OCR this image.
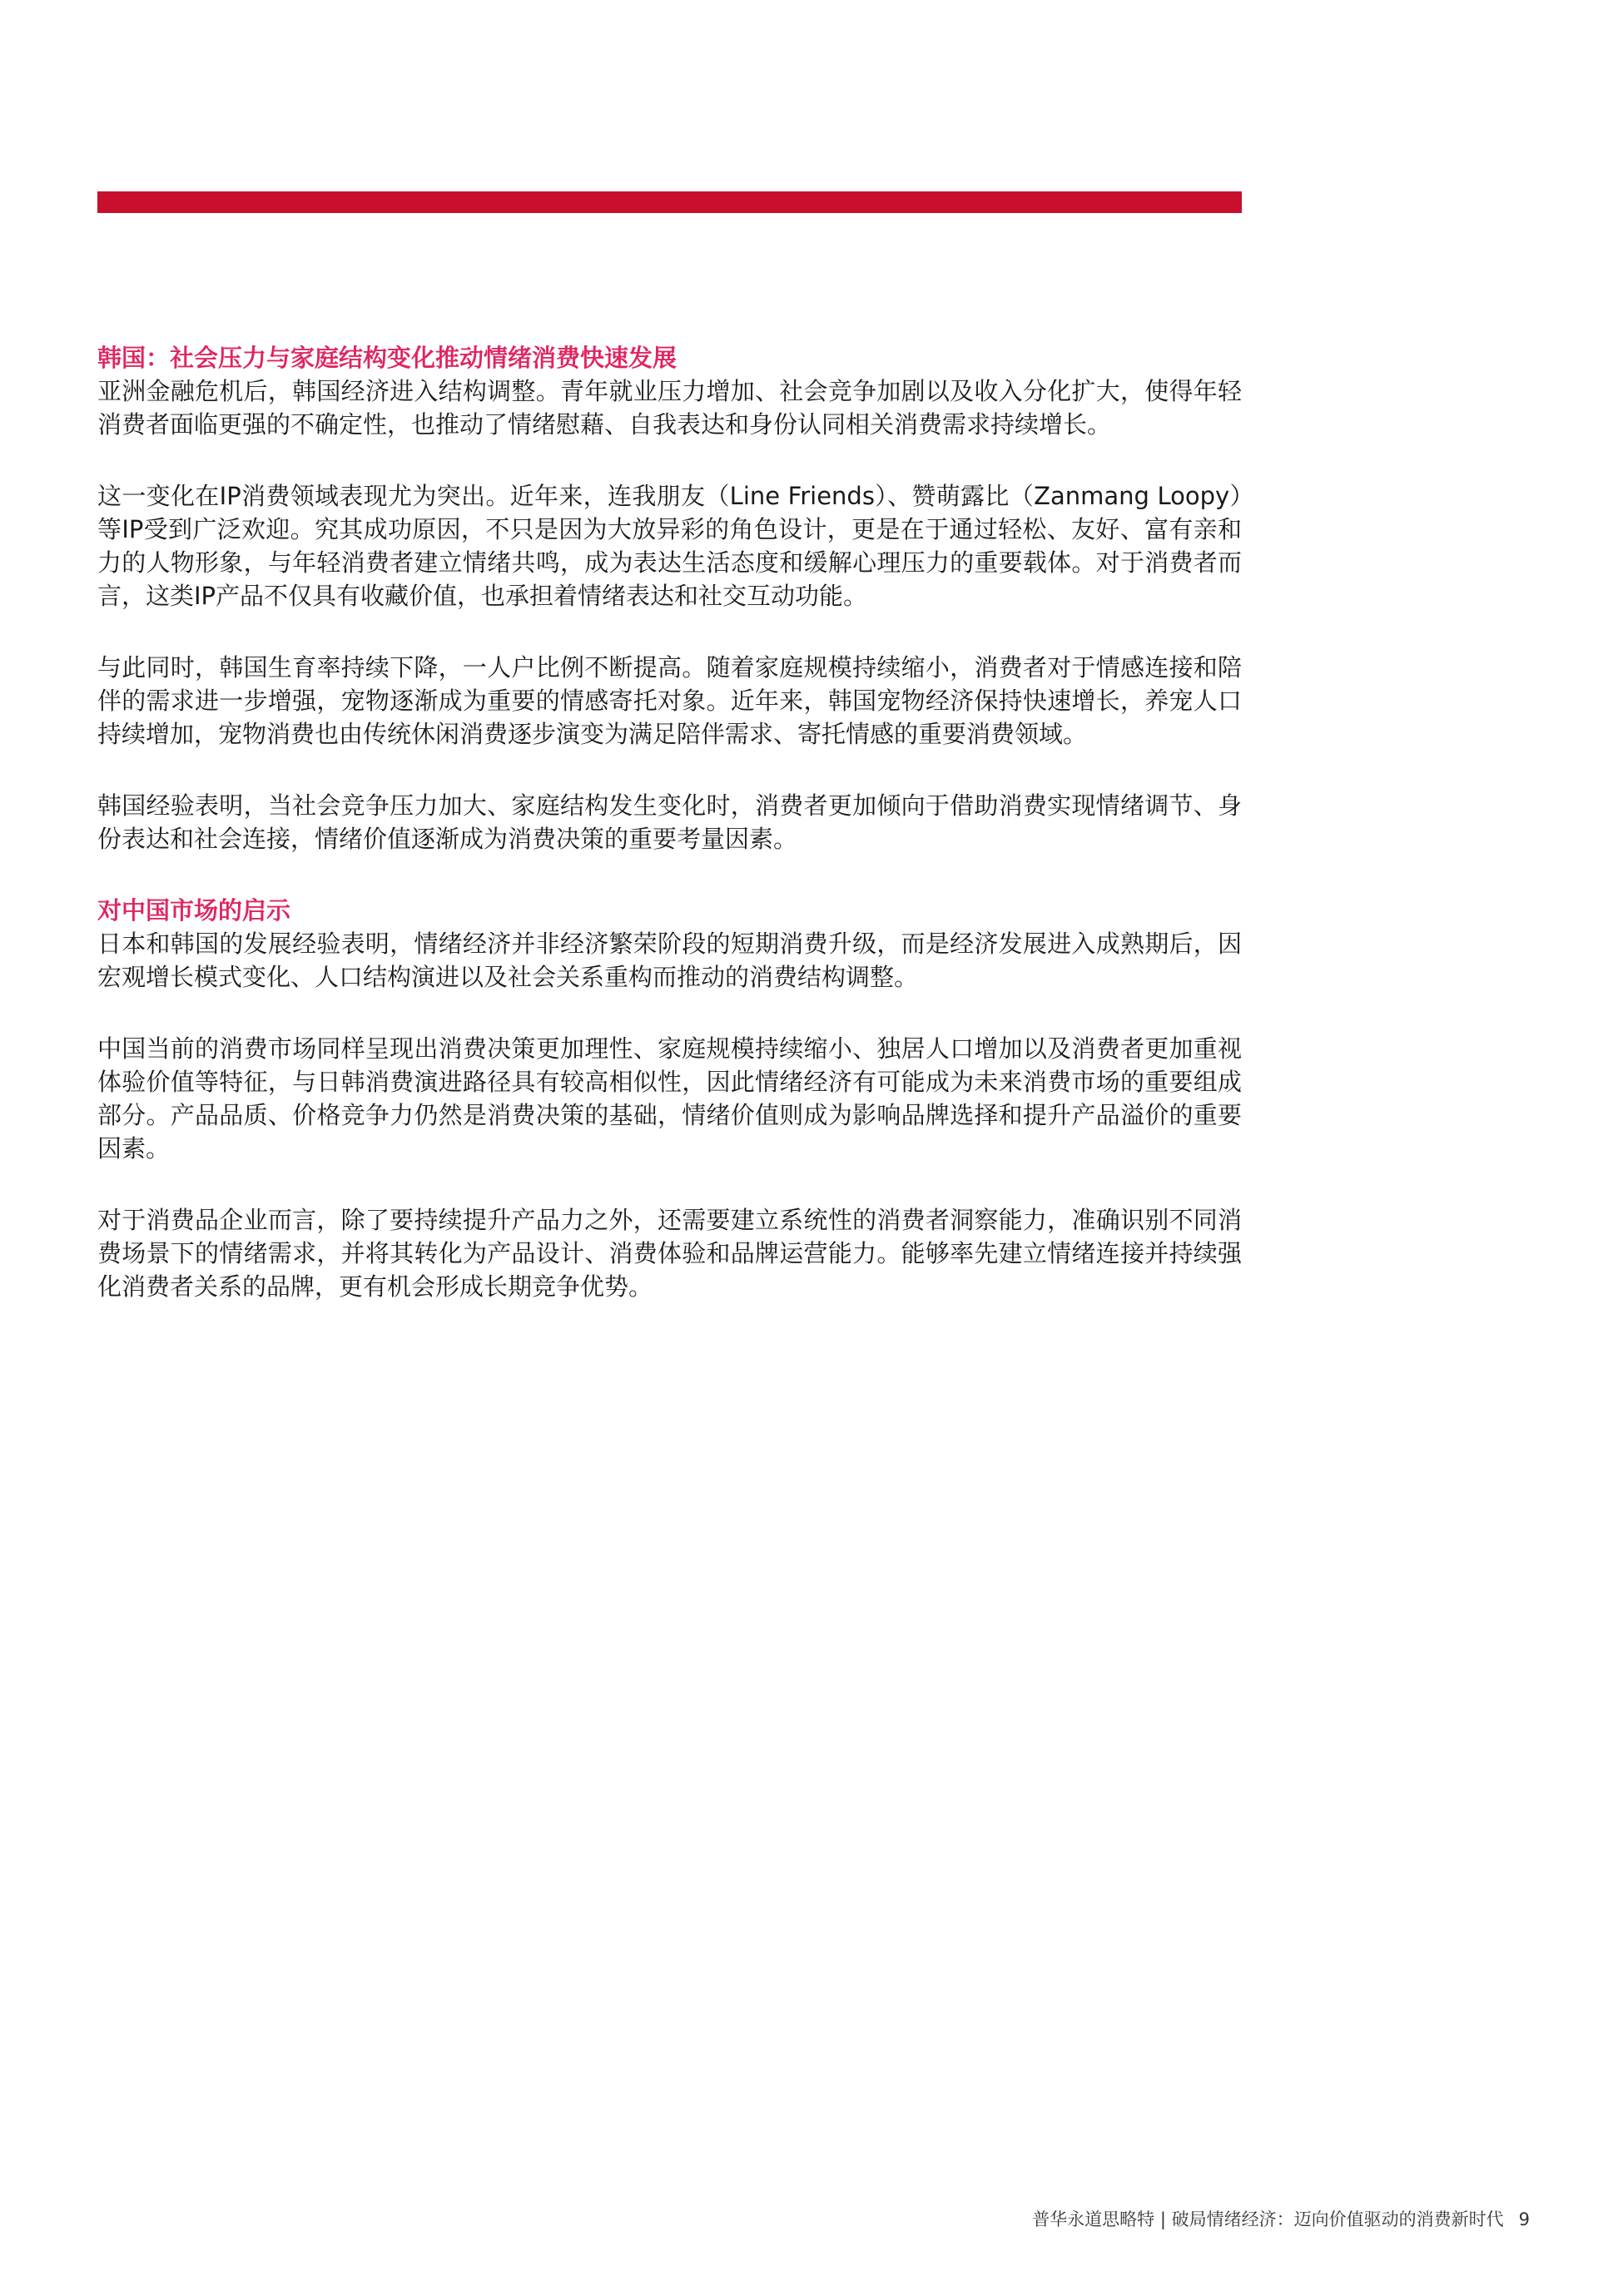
韩国：社会压力与家庭结构变化推动情绪消费快速发展

亚洲金融危机后，韩国经济进入结构调整。青年就业压力增加、社会竞争加剧以及收入分化扩大，使得年轻消费者面临更强的不确定性，也推动了情绪慰藉、自我表达和身份认同相关消费需求持续增长。

这一变化在IP消费领域表现尤为突出。近年来，连我朋友（Line Friends）、赞萌露比（Zanmang Loopy）等IP受到广泛欢迎。究其成功原因，不只是因为大放异彩的角色设计，更是在于通过轻松、友好、富有亲和力的人物形象，与年轻消费者建立情绪共鸣，成为表达生活态度和缓解心理压力的重要载体。对于消费者而言，这类IP产品不仅具有收藏价值，也承担着情绪表达和社交互动功能。

与此同时，韩国生育率持续下降，一人户比例不断提高。随着家庭规模持续缩小，消费者对于情感连接和陪伴的需求进一步增强，宠物逐渐成为重要的情感寄托对象。近年来，韩国宠物经济保持快速增长，养宠人口持续增加，宠物消费也由传统休闲消费逐步演变为满足陪伴需求、寄托情感的重要消费领域。

韩国经验表明，当社会竞争压力加大、家庭结构发生变化时，消费者更加倾向于借助消费实现情绪调节、身份表达和社会连接，情绪价值逐渐成为消费决策的重要考量因素。

对中国市场的启示

日本和韩国的发展经验表明，情绪经济并非经济繁荣阶段的短期消费升级，而是经济发展进入成熟期后，因宏观增长模式变化、人口结构演进以及社会关系重构而推动的消费结构调整。

中国当前的消费市场同样呈现出消费决策更加理性、家庭规模持续缩小、独居人口增加以及消费者更加重视体验价值等特征，与日韩消费演进路径具有较高相似性，因此情绪经济有可能成为未来消费市场的重要组成部分。产品品质、价格竞争力仍然是消费决策的基础，情绪价值则成为影响品牌选择和提升产品溢价的重要因素。

对于消费品企业而言，除了要持续提升产品力之外，还需要建立系统性的消费者洞察能力，准确识别不同消费场景下的情绪需求，并将其转化为产品设计、消费体验和品牌运营能力。能够率先建立情绪连接并持续强化消费者关系的品牌，更有机会形成长期竞争优势。

普华永道思略特 | 破局情绪经济：迈向价值驱动的消费新时代 9
